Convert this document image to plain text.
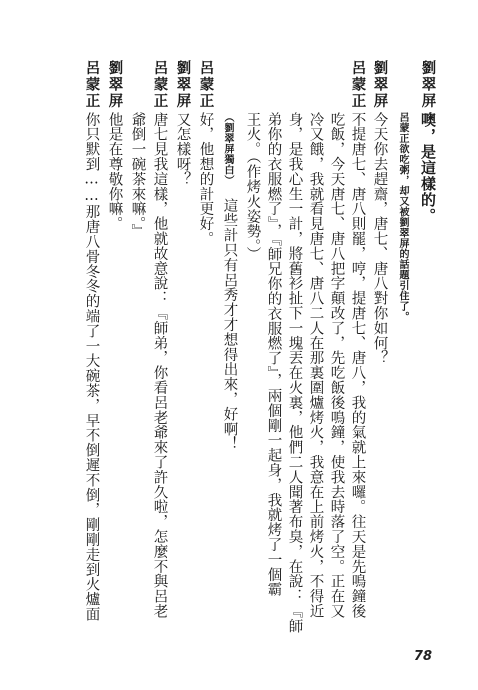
劉翠屏
噢，是這樣的。
呂蒙正欲吃粥，却又被劉翠屏的話題引住了。
劉翠屏
今天你去趕齋，唐七、唐八對你如何？
呂蒙正
不提唐七、唐八則罷，哼，提唐七、唐八，我的氣就上來囉。往天是先鳴鐘後
吃飯，今天唐七、唐八把字顛改了，先吃飯後鳴鐘，使我去時落了空。正在又
冷又餓，我就看見唐七、唐八二人在那裏圍爐烤火，我意在上前烤火，不得近
身，是我心生一計，將舊衫扯下一塊丟在火裏，他們二人聞著布臭，在說：『師
弟你的衣服燃了』，『師兄你的衣服燃了』，兩個剛一起身，我就烤了一個霸
王火。（作烤火姿勢。）
（劉翠屏獨白）
這些計只有呂秀才才想得出來，好啊！
呂蒙正
好，他想的計更好。
劉翠屏
又怎樣呀？
呂蒙正
唐七見我這樣，他就故意說：『師弟，你看呂老爺來了許久啦，怎麼不與呂老
爺倒一碗茶來嘛。』
劉翠屏
他是在尊敬你嘛。
呂蒙正
你只默到……那唐八骨冬冬的端了一大碗茶，早不倒遲不倒，剛剛走到火爐面
78
